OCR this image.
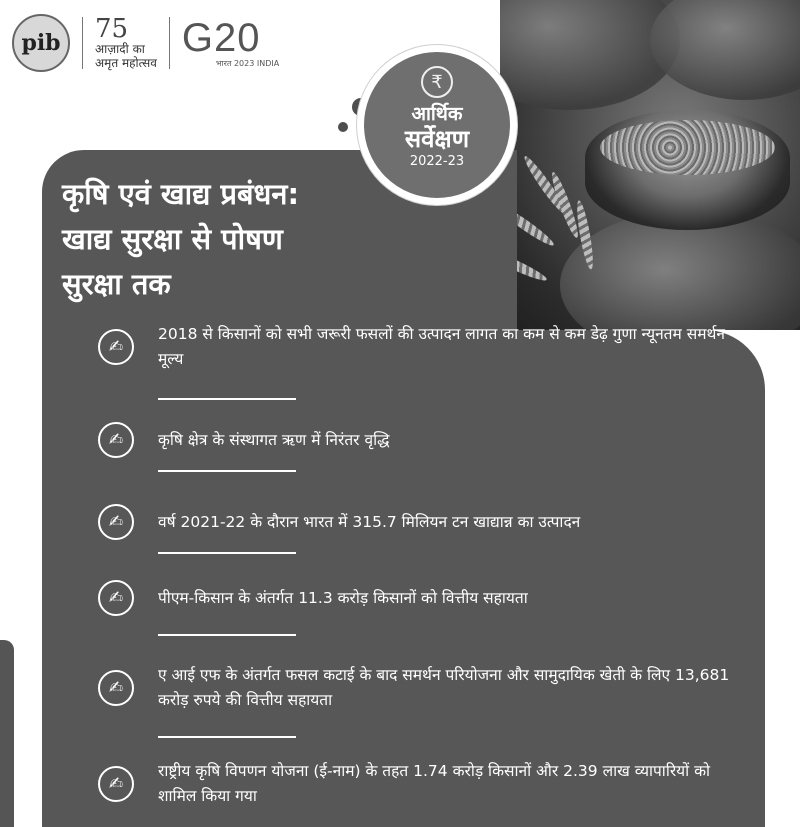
pib	75
आज़ादी का
अमृत महोत्सव
G20
भारत 2023 INDIA
₹
आर्थिक
सर्वेक्षण
2022-23
कृषि एवं खाद्य प्रबंधन:
खाद्य सुरक्षा से पोषण
सुरक्षा तक
✍
2018 से किसानों को सभी जरूरी फसलों की उत्पादन लागत का कम से कम डेढ़ गुणा न्यूनतम समर्थन मूल्य
✍	कृषि क्षेत्र के संस्थागत ऋण में निरंतर वृद्धि
✍	वर्ष 2021-22 के दौरान भारत में 315.7 मिलियन टन खाद्यान्न का उत्पादन
✍	पीएम-किसान के अंतर्गत 11.3 करोड़ किसानों को वित्तीय सहायता
✍
ए आई एफ के अंतर्गत फसल कटाई के बाद समर्थन परियोजना और सामुदायिक खेती के लिए 13,681 करोड़ रुपये की वित्तीय सहायता
✍
राष्ट्रीय कृषि विपणन योजना (ई-नाम) के तहत 1.74 करोड़ किसानों और 2.39 लाख व्यापारियों को शामिल किया गया
